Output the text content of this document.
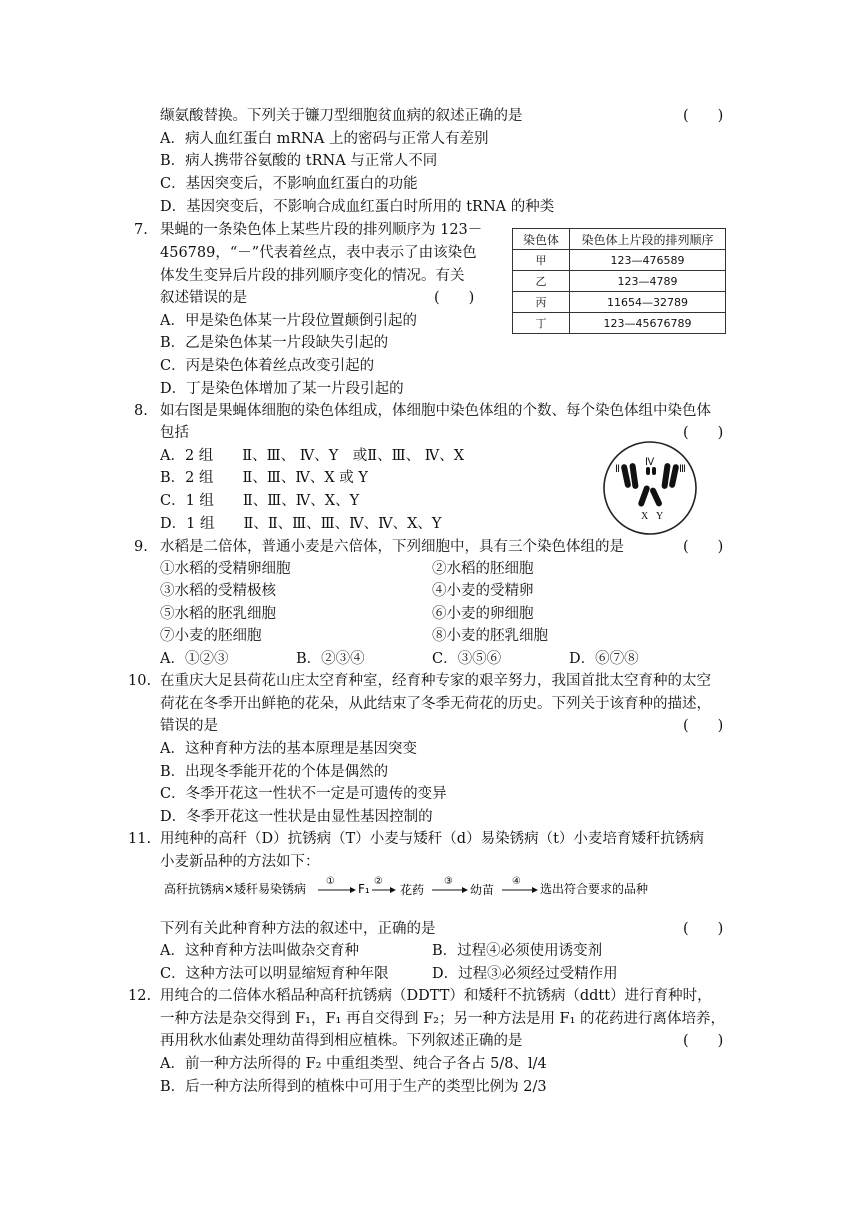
缬氨酸替换。下列关于镰刀型细胞贫血病的叙述正确的是	(　　)
A．病人血红蛋白 mRNA 上的密码与正常人有差别
B．病人携带谷氨酸的 tRNA 与正常人不同
C．基因突变后，不影响血红蛋白的功能
D．基因突变后，不影响合成血红蛋白时所用的 tRNA 的种类
7. 果蝇的一条染色体上某些片段的排列顺序为 123－
456789，“－”代表着丝点，表中表示了由该染色
体发生变异后片段的排列顺序变化的情况。有关
叙述错误的是	(　　)
染色体	染色体上片段的排列顺序
甲	123—476589
乙	123—4789
丙	11654—32789
丁	123—45676789
A．甲是染色体某一片段位置颠倒引起的
B．乙是染色体某一片段缺失引起的
C．丙是染色体着丝点改变引起的
D．丁是染色体增加了某一片段引起的
8. 如右图是果蝇体细胞的染色体组成，体细胞中染色体组的个数、每个染色体组中染色体
包括	(　　)
Ⅱ
Ⅳ
Ⅲ
X Y
A．2 组　　Ⅱ、Ⅲ、 Ⅳ、Y　或Ⅱ、Ⅲ、 Ⅳ、X
B．2 组　　Ⅱ、Ⅲ、Ⅳ、X 或 Y
C．1 组　　Ⅱ、Ⅲ、Ⅳ、X、Y
D．1 组　　Ⅱ、Ⅱ、Ⅲ、Ⅲ、Ⅳ、Ⅳ、X、Y
9. 水稻是二倍体，普通小麦是六倍体，下列细胞中，具有三个染色体组的是	(　　)
①水稻的受精卵细胞	②水稻的胚细胞
③水稻的受精极核	④小麦的受精卵
⑤水稻的胚乳细胞	⑥小麦的卵细胞
⑦小麦的胚细胞	⑧小麦的胚乳细胞
A．①②③	B．②③④	C．③⑤⑥	D．⑥⑦⑧
10. 在重庆大足县荷花山庄太空育种室，经育种专家的艰辛努力，我国首批太空育种的太空
荷花在冬季开出鲜艳的花朵，从此结束了冬季无荷花的历史。下列关于该育种的描述，
错误的是	(　　)
A．这种育种方法的基本原理是基因突变
B．出现冬季能开花的个体是偶然的
C．冬季开花这一性状不一定是可遗传的变异
D．冬季开花这一性状是由显性基因控制的
11. 用纯种的高秆（D）抗锈病（T）小麦与矮秆（d）易染锈病（t）小麦培育矮秆抗锈病
小麦新品种的方法如下：
高秆抗锈病×矮秆易染锈病
①
F₁
②
花药
③
幼苗
④
选出符合要求的品种
下列有关此种育种方法的叙述中，正确的是	(　　)
A．这种育种方法叫做杂交育种	B．过程④必须使用诱变剂
C．这种方法可以明显缩短育种年限	D．过程③必须经过受精作用
12. 用纯合的二倍体水稻品种高秆抗锈病（DDTT）和矮秆不抗锈病（ddtt）进行育种时，
一种方法是杂交得到 F₁，F₁ 再自交得到 F₂；另一种方法是用 F₁ 的花药进行离体培养，
再用秋水仙素处理幼苗得到相应植株。下列叙述正确的是	(　　)
A．前一种方法所得的 F₂ 中重组类型、纯合子各占 5/8、l/4
B．后一种方法所得到的植株中可用于生产的类型比例为 2/3
